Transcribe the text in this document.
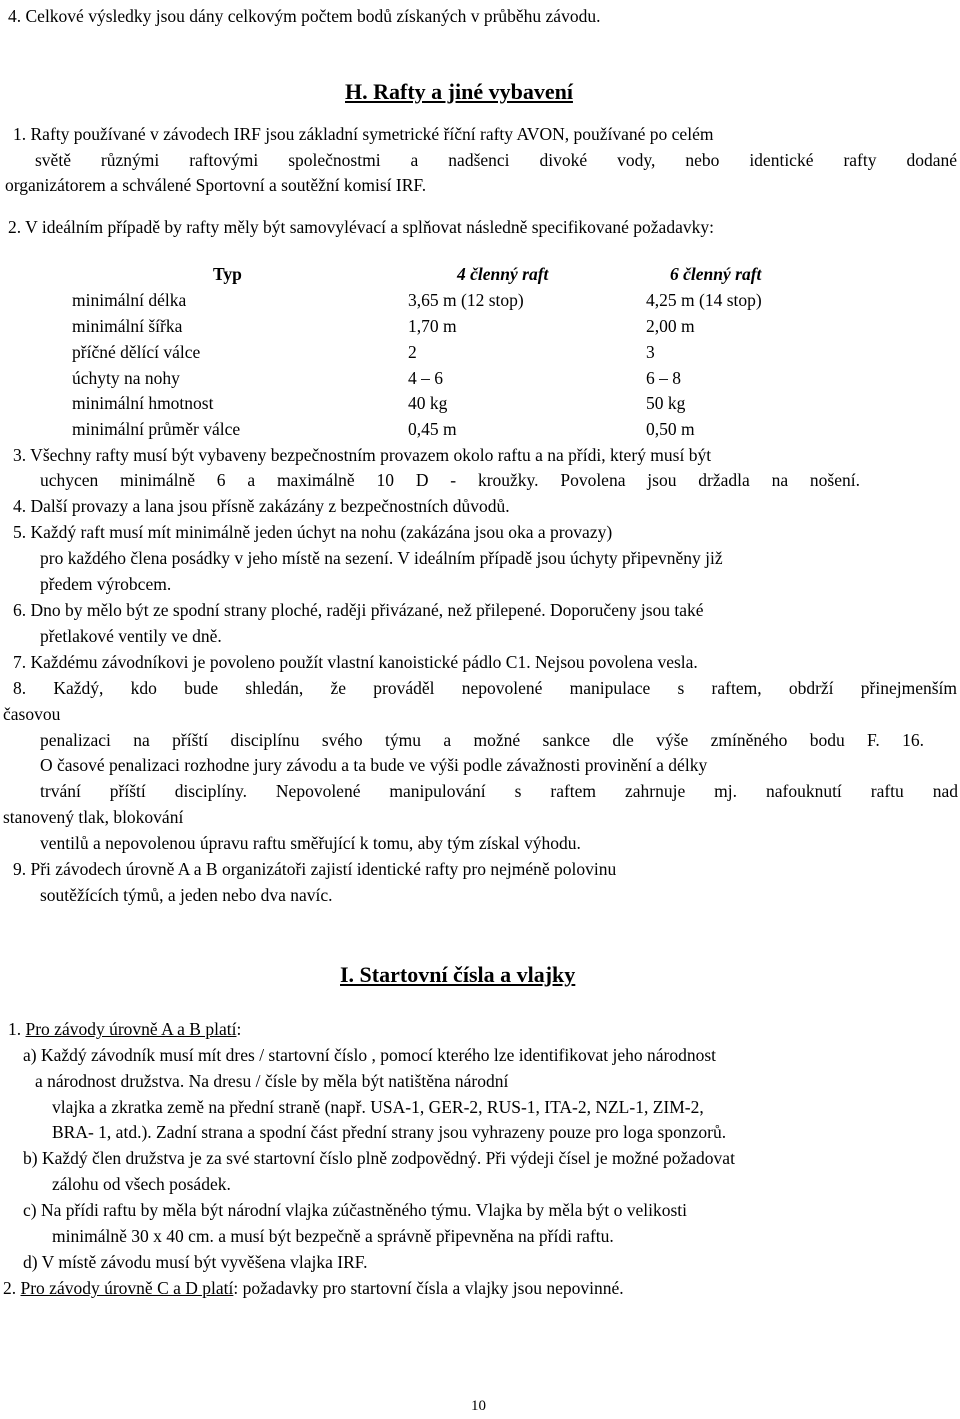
4. Celkové výsledky jsou dány celkovým počtem bodů získaných v průběhu závodu.
H. Rafty a jiné vybavení
1. Rafty používané v závodech IRF jsou základní symetrické říční rafty AVON, používané po celém
světě různými raftovými společnostmi a nadšenci divoké vody, nebo identické rafty dodané
organizátorem a schválené Sportovní a soutěžní komisí IRF.
2. V ideálním případě by rafty měly být samovylévací a splňovat následně specifikované požadavky:
Typ	4 členný raft	6 členný raft
minimální délka	3,65 m (12 stop)	4,25 m (14 stop)
minimální šířka	1,70 m	2,00 m
příčné dělící válce	2	3
úchyty na nohy	4 – 6	6 – 8
minimální hmotnost	40 kg	50 kg
minimální průměr válce	0,45 m	0,50 m
3. Všechny rafty musí být vybaveny bezpečnostním provazem okolo raftu a na přídi, který musí být
uchycen minimálně 6 a maximálně 10 D - kroužky. Povolena jsou držadla na nošení.
4. Další provazy a lana jsou přísně zakázány z bezpečnostních důvodů.
5. Každý raft musí mít minimálně jeden úchyt na nohu (zakázána jsou oka a provazy)
pro každého člena posádky v jeho místě na sezení. V ideálním případě jsou úchyty připevněny již
předem výrobcem.
6. Dno by mělo být ze spodní strany ploché, raději přivázané, než přilepené. Doporučeny jsou také
přetlakové ventily ve dně.
7. Každému závodníkovi je povoleno použít vlastní kanoistické pádlo C1. Nejsou povolena vesla.
8. Každý, kdo bude shledán, že prováděl nepovolené manipulace s raftem, obdrží přinejmenším
časovou
penalizaci na příští disciplínu svého týmu a možné sankce dle výše zmíněného bodu F. 16.
O časové penalizaci rozhodne jury závodu a ta bude ve výši podle závažnosti provinění a délky
trvání příští disciplíny. Nepovolené manipulování s raftem zahrnuje mj. nafouknutí raftu nad
stanovený tlak, blokování
ventilů a nepovolenou úpravu raftu směřující k tomu, aby tým získal výhodu.
9. Při závodech úrovně A a B organizátoři zajistí identické rafty pro nejméně polovinu
soutěžících týmů, a jeden nebo dva navíc.
I. Startovní čísla a vlajky
1. Pro závody úrovně A a B platí:
a) Každý závodník musí mít dres / startovní číslo , pomocí kterého lze identifikovat jeho národnost
a národnost družstva. Na dresu / čísle by měla být natištěna národní
vlajka a zkratka země na přední straně (např. USA-1, GER-2, RUS-1, ITA-2, NZL-1, ZIM-2,
BRA- 1, atd.). Zadní strana a spodní část přední strany jsou vyhrazeny pouze pro loga sponzorů.
b) Každý člen družstva je za své startovní číslo plně zodpovědný. Při výdeji čísel je možné požadovat
zálohu od všech posádek.
c) Na přídi raftu by měla být národní vlajka zúčastněného týmu. Vlajka by měla být o velikosti
minimálně 30 x 40 cm. a musí být bezpečně a správně připevněna na přídi raftu.
d) V místě závodu musí být vyvěšena vlajka IRF.
2. Pro závody úrovně C a D platí: požadavky pro startovní čísla a vlajky jsou nepovinné.
10
